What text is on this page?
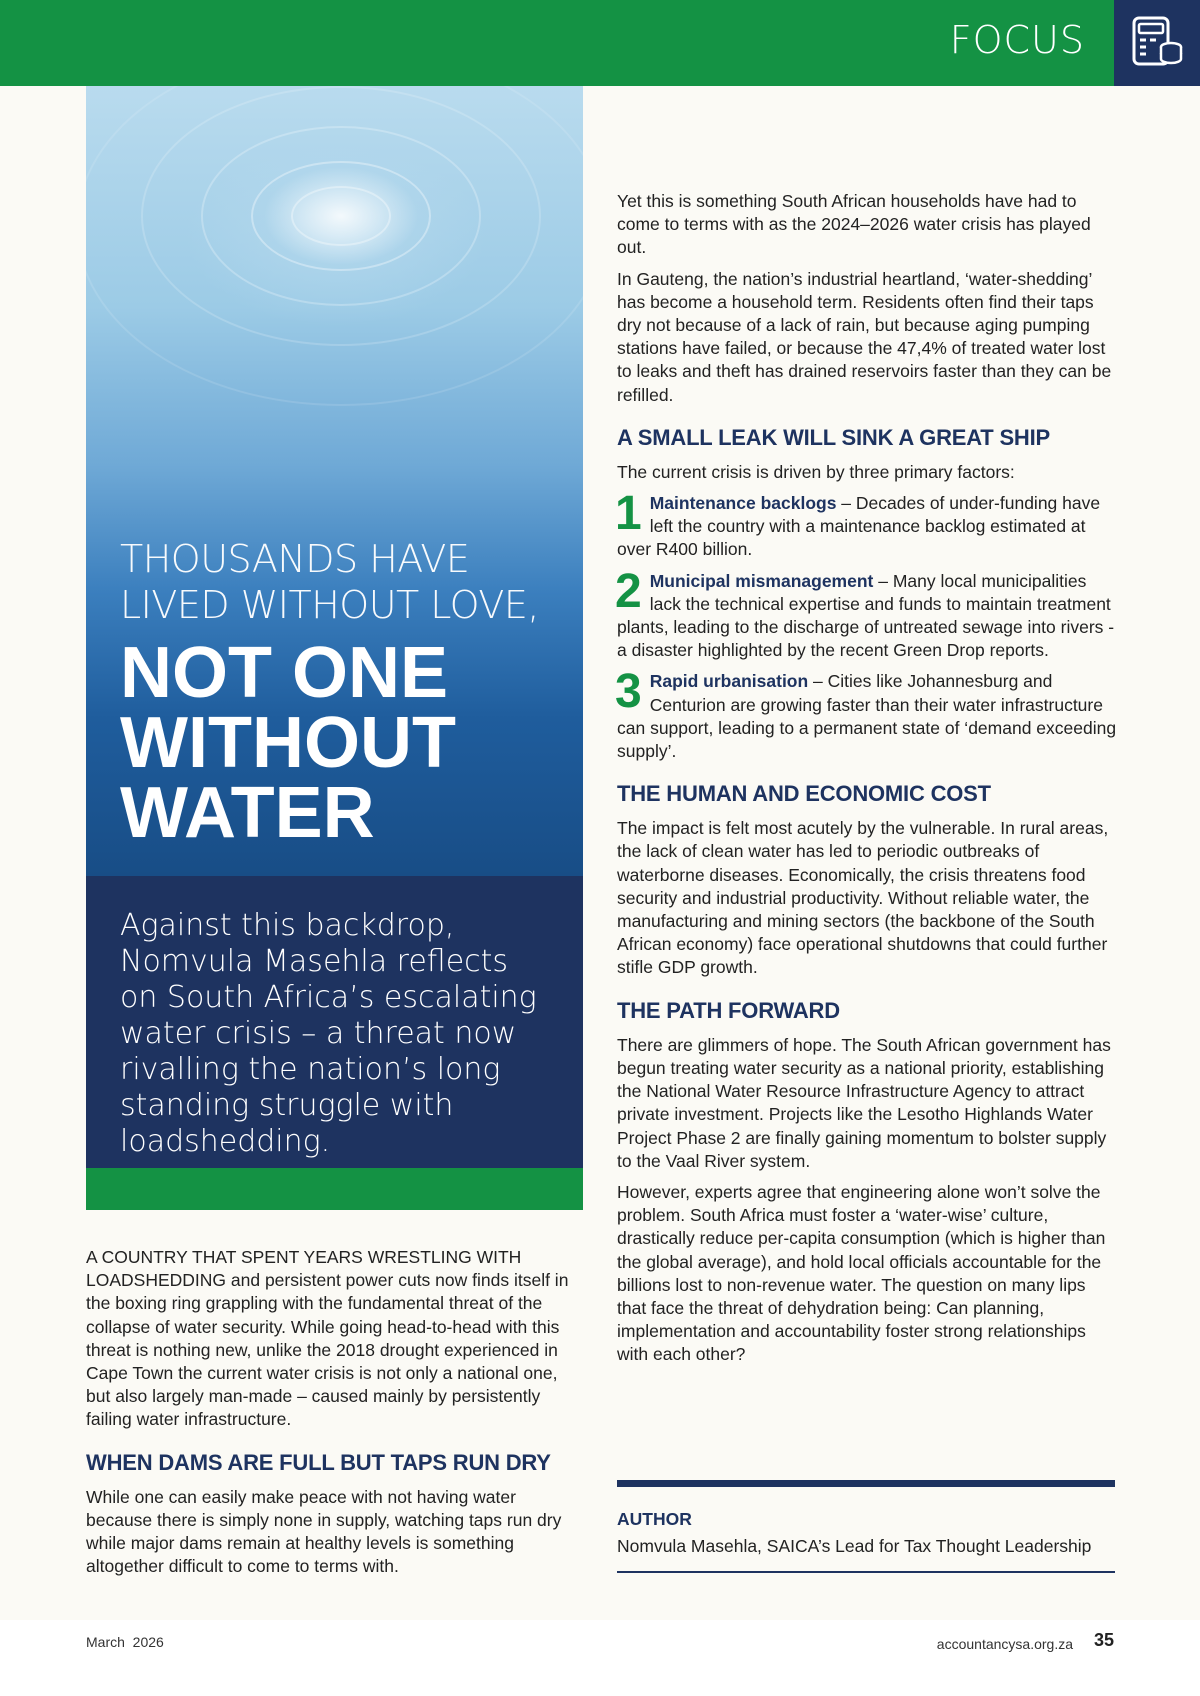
FOCUS
THOUSANDS HAVE
LIVED WITHOUT LOVE,
NOT ONE
WITHOUT
WATER
Against this backdrop, Nomvula Masehla reflects on South Africa’s escalating water crisis – a threat now rivalling the nation’s long standing struggle with loadshedding.

A COUNTRY THAT SPENT YEARS WRESTLING WITH LOADSHEDDING and persistent power cuts now finds itself in the boxing ring grappling with the fundamental threat of the collapse of water security. While going head-to-head with this threat is nothing new, unlike the 2018 drought experienced in Cape Town the current water crisis is not only a national one, but also largely man-made – caused mainly by persistently failing water infrastructure.

WHEN DAMS ARE FULL BUT TAPS RUN DRY

While one can easily make peace with not having water because there is simply none in supply, watching taps run dry while major dams remain at healthy levels is something altogether difficult to come to terms with.

Yet this is something South African households have had to come to terms with as the 2024–2026 water crisis has played out.

In Gauteng, the nation’s industrial heartland, ‘water-shedding’ has become a household term. Residents often find their taps dry not because of a lack of rain, but because aging pumping stations have failed, or because the 47,4% of treated water lost to leaks and theft has drained reservoirs faster than they can be refilled.

A SMALL LEAK WILL SINK A GREAT SHIP

The current crisis is driven by three primary factors:

1 Maintenance backlogs – Decades of under-funding have left the country with a maintenance backlog estimated at over R400 billion.
2 Municipal mismanagement – Many local municipalities lack the technical expertise and funds to maintain treatment plants, leading to the discharge of untreated sewage into rivers - a disaster highlighted by the recent Green Drop reports.
3 Rapid urbanisation – Cities like Johannesburg and Centurion are growing faster than their water infrastructure can support, leading to a permanent state of ‘demand exceeding supply’.
THE HUMAN AND ECONOMIC COST

The impact is felt most acutely by the vulnerable. In rural areas, the lack of clean water has led to periodic outbreaks of waterborne diseases. Economically, the crisis threatens food security and industrial productivity. Without reliable water, the manufacturing and mining sectors (the backbone of the South African economy) face operational shutdowns that could further stifle GDP growth.

THE PATH FORWARD

There are glimmers of hope. The South African government has begun treating water security as a national priority, establishing the National Water Resource Infrastructure Agency to attract private investment. Projects like the Lesotho Highlands Water Project Phase 2 are finally gaining momentum to bolster supply to the Vaal River system.

However, experts agree that engineering alone won’t solve the problem. South Africa must foster a ‘water-wise’ culture, drastically reduce per-capita consumption (which is higher than the global average), and hold local officials accountable for the billions lost to non-revenue water. The question on many lips that face the threat of dehydration being: Can planning, implementation and accountability foster strong relationships with each other?

AUTHOR
Nomvula Masehla, SAICA’s Lead for Tax Thought Leadership
March  2026	accountancysa.org.za 35
